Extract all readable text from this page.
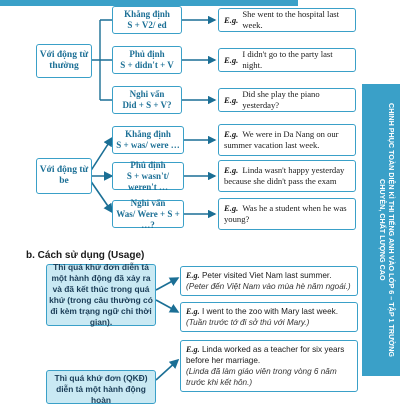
CHINH PHỤC TOÀN DIỆN KÌ THI TIẾNG ANH VÀO LỚP 6 – TẬP 1 TRƯỜNG CHUYÊN, CHẤT LƯỢNG CAO
Với động từ thường
Khẳng định
S + V2/ ed
E.g.
She went to the hospital last week.
Phủ định
S + didn't + V
E.g.
I didn't go to the party last night.
Nghi vấn
Did + S + V?
E.g.
Did she play the piano yesterday?
Với động từ be
Khẳng định
S + was/ were …
E.g. We were in Da Nang on our summer vacation last week.
Phủ định
S + wasn't/ weren't …
E.g. Linda wasn't happy yesterday because she didn't pass the exam
Nghi vấn
Was/ Were + S + …?
E.g. Was he a student when he was young?
b. Cách sử dụng (Usage)
Thì quá khứ đơn diễn tả một hành động đã xảy ra và đã kết thúc trong quá khứ (trong câu thường có đi kèm trạng ngữ chỉ thời gian).
E.g. Peter visited Viet Nam last summer.
(Peter đến Việt Nam vào mùa hè năm ngoái.)
E.g. I went to the zoo with Mary last week.
(Tuần trước tớ đi sở thú với Mary.)
E.g. Linda worked as a teacher for six years before her marriage.
(Linda đã làm giáo viên trong vòng 6 năm trước khi kết hôn.)
Thì quá khứ đơn (QKĐ) diễn tả một hành động hoàn
